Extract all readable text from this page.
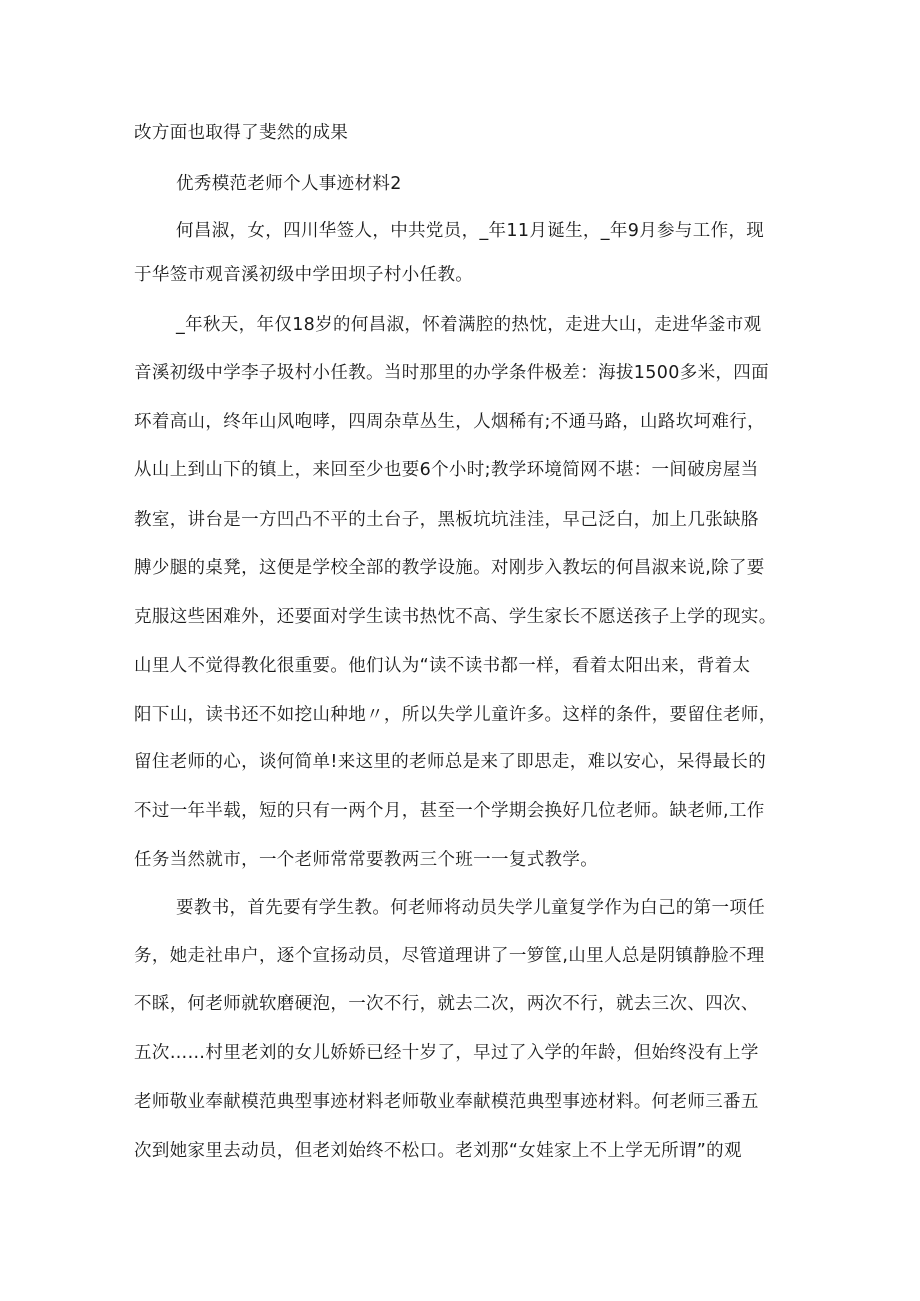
改方面也取得了斐然的成果
优秀模范老师个人事迹材料2
何昌淑，女，四川华签人，中共党员，_年11月诞生，_年9月参与工作，现
于华签市观音溪初级中学田坝子村小任教。
_年秋天，年仅18岁的何昌淑，怀着满腔的热忱，走进大山，走进华釜市观
音溪初级中学李子圾村小任教。当时那里的办学条件极差：海拔1500多米，四面
环着高山，终年山风咆哮，四周杂草丛生，人烟稀有;不通马路，山路坎坷难行，
从山上到山下的镇上，来回至少也要6个小时;教学环境简网不堪：一间破房屋当
教室，讲台是一方凹凸不平的土台子，黑板坑坑洼洼，早己泛白，加上几张缺胳
膊少腿的桌凳，这便是学校全部的教学设施。对刚步入教坛的何昌淑来说,除了要
克服这些困难外，还要面对学生读书热忱不高、学生家长不愿送孩子上学的现实。
山里人不觉得教化很重要。他们认为“读不读书都一样，看着太阳出来，背着太
阳下山，读书还不如挖山种地〃，所以失学儿童许多。这样的条件，要留住老师，
留住老师的心，谈何简单!来这里的老师总是来了即思走，难以安心，呆得最长的
不过一年半载，短的只有一两个月，甚至一个学期会换好几位老师。缺老师,工作
任务当然就市，一个老师常常要教两三个班一一复式教学。
要教书，首先要有学生教。何老师将动员失学儿童复学作为白己的第一项任
务，她走社串户，逐个宣扬动员，尽管道理讲了一箩筐,山里人总是阴镇静脸不理
不睬，何老师就软磨硬泡，一次不行，就去二次，两次不行，就去三次、四次、
五次……村里老刘的女儿娇娇已经十岁了，早过了入学的年龄，但始终没有上学
老师敬业奉献模范典型事迹材料老师敬业奉献模范典型事迹材料。何老师三番五
次到她家里去动员，但老刘始终不松口。老刘那“女娃家上不上学无所谓”的观
